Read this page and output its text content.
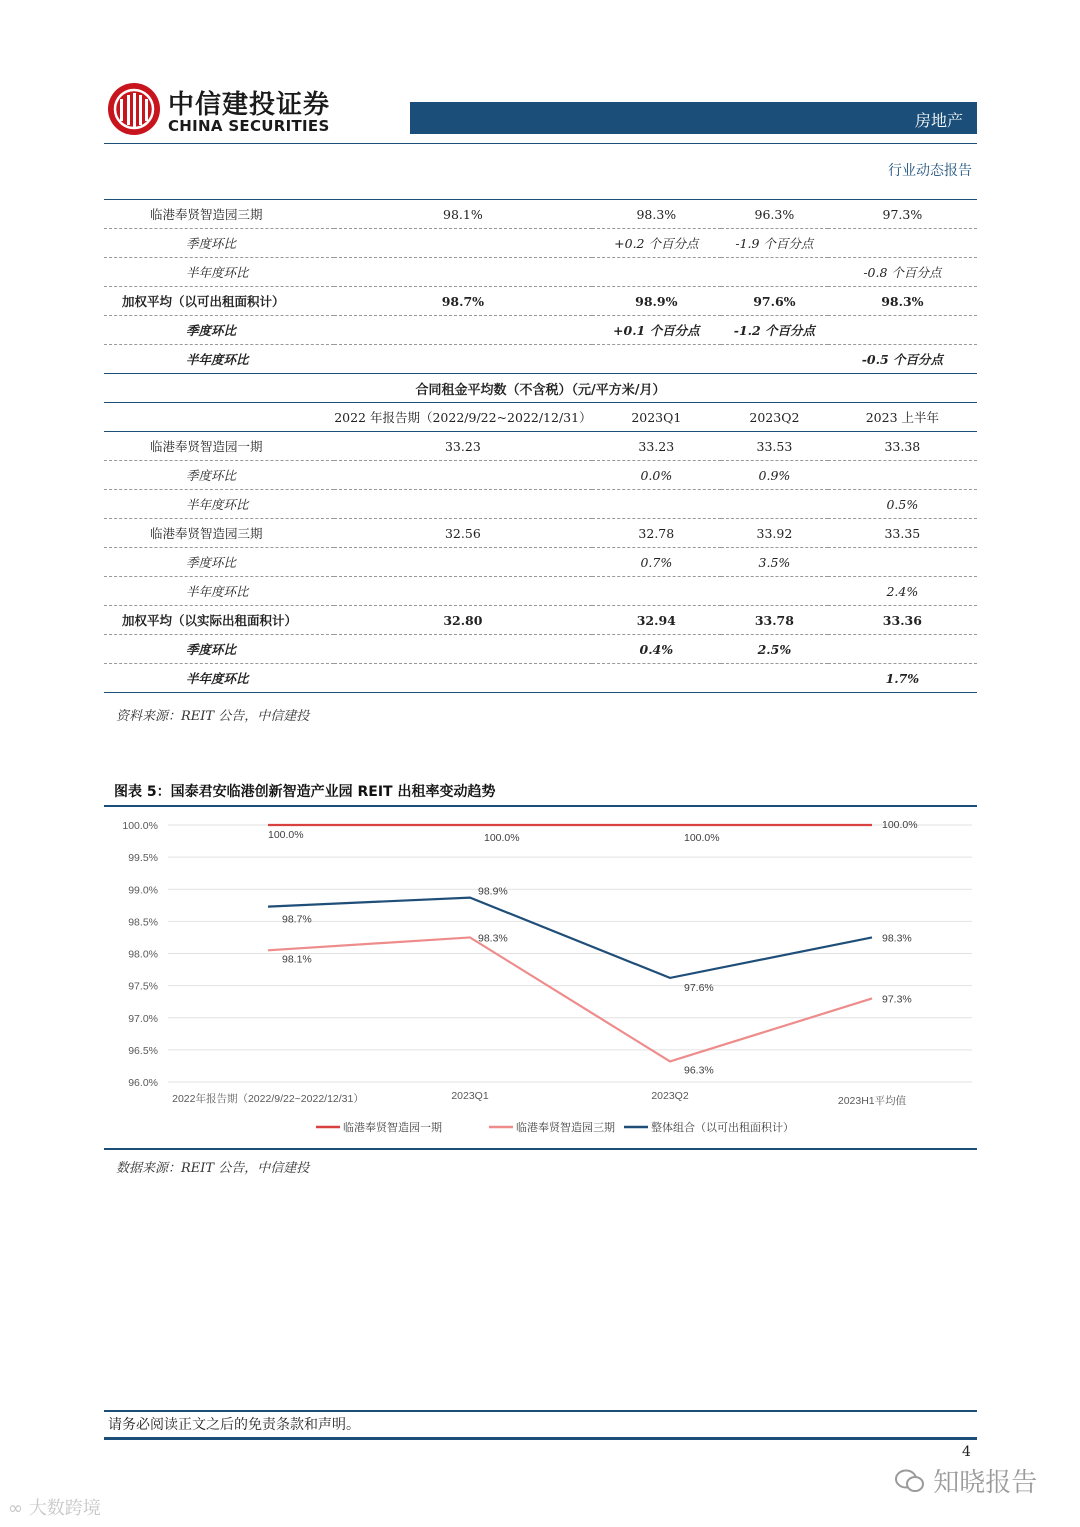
中信建投证券
CHINA SECURITIES	房地产
行业动态报告
临港奉贤智造园三期	98.1%	98.3%	96.3%	97.3%
季度环比		+0.2 个百分点	-1.9 个百分点	
半年度环比				-0.8 个百分点
加权平均（以可出租面积计）	98.7%	98.9%	97.6%	98.3%
季度环比		+0.1 个百分点	-1.2 个百分点	
半年度环比				-0.5 个百分点
合同租金平均数（不含税）（元/平方米/月）				
	2022 年报告期（2022/9/22~2022/12/31）	2023Q1	2023Q2	2023 上半年
临港奉贤智造园一期	33.23	33.23	33.53	33.38
季度环比		0.0%	0.9%	
半年度环比				0.5%
临港奉贤智造园三期	32.56	32.78	33.92	33.35
季度环比		0.7%	3.5%	
半年度环比				2.4%
加权平均（以实际出租面积计）	32.80	32.94	33.78	33.36
季度环比		0.4%	2.5%	
半年度环比				1.7%
资料来源：REIT 公告，中信建投
图表 5：国泰君安临港创新智造产业园 REIT 出租率变动趋势
96.0%
96.5%
97.0%
97.5%
98.0%
98.5%
99.0%
99.5%
100.0%
2022年报告期（2022/9/22~2022/12/31）	2023Q1	2023Q2	2023H1平均值
100.0%	100.0%	100.0%
100.0%
98.1%
98.3%
96.3%
97.3%
98.7%
98.9%
97.6%
98.3%
临港奉贤智造园一期	临港奉贤智造园三期	整体组合（以可出租面积计）
数据来源：REIT 公告，中信建投
请务必阅读正文之后的免责条款和声明。
4
知晓报告
∞ 大数跨境
